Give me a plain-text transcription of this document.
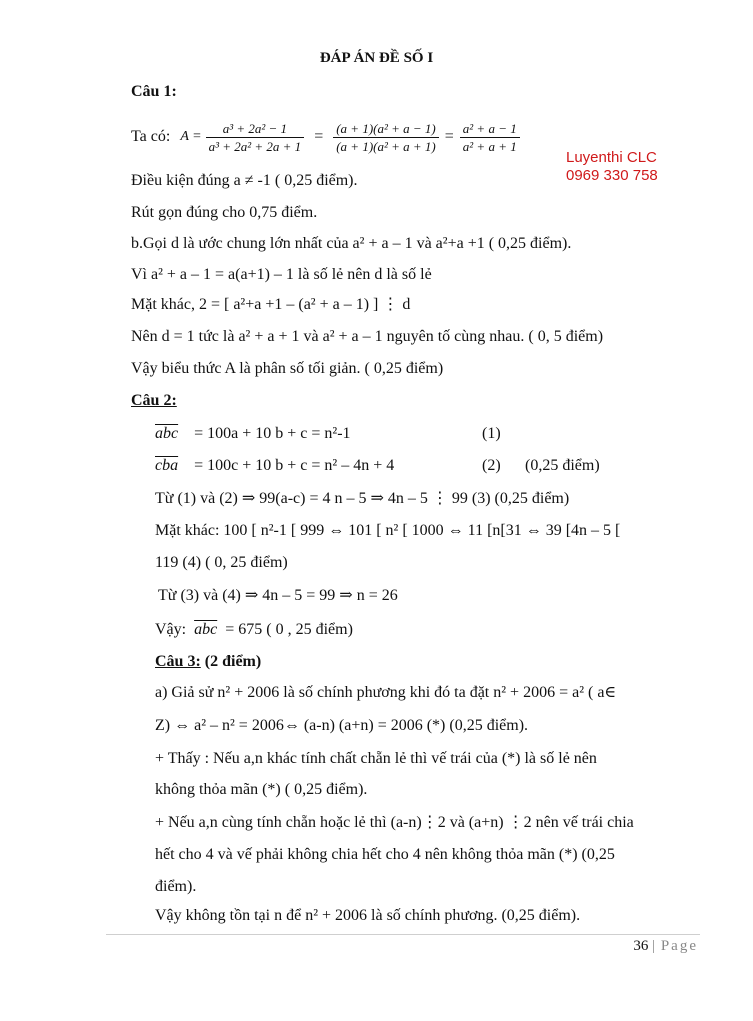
ĐÁP ÁN ĐỀ SỐ I
Câu 1:
Ta có: $A = \frac{\text{a³ + 2a² − 1}}{\text{a³ + 2a² + 2a + 1}} = \frac{\text{(a + 1)(a² + a − 1)}}{\text{(a + 1)(a² + a + 1)}} = \frac{\text{a² + a − 1}}{\text{a² + a + 1}}$
Luyenthi CLC
0969 330 758
Điều kiện đúng a ≠ -1 ( 0,25 điểm).
Rút gọn đúng cho 0,75 điểm.
b.Gọi d là ước chung lớn nhất của a² + a – 1 và a²+a +1 ( 0,25 điểm).
Vì a² + a – 1 = a(a+1) – 1 là số lẻ nên d là số lẻ
Mặt khác, 2 = [ a²+a +1 – (a² + a – 1) ] ⋮ d
Nên d = 1 tức là a² + a + 1 và a² + a – 1 nguyên tố cùng nhau. ( 0, 5 điểm)
Vậy biểu thức A là phân số tối giản. ( 0,25 điểm)
Câu 2:
$\overline{abc} = 100a + 10$ b + c = n²-1	(1)
$\overline{cba} = 100c + 10$ b + c = n² – 4n + 4	(2) (0,25 điểm)
Từ (1) và (2) ⇒ 99(a-c) = 4 n – 5 ⇒ 4n – 5 ⋮ 99 (3) (0,25 điểm)
Mặt khác: 100 [ n²-1 [ 999 ⇔ 101 [ n² [ 1000 ⇔ 11 [n[31 ⇔ 39 [4n – 5 [
119 (4) ( 0, 25 điểm)
Từ (3) và (4) ⇒ 4n – 5 = 99 ⇒ n = 26
Vậy: $\overline{abc} = 675$ ( 0 , 25 điểm)
Câu 3: (2 điểm)
a) Giả sử n² + 2006 là số chính phương khi đó ta đặt n² + 2006 = a² ( a∈
Z) ⇔ a² – n² = 2006⇔ (a-n) (a+n) = 2006 (*) (0,25 điểm).
+ Thấy : Nếu a,n khác tính chất chẵn lẻ thì vế trái của (*) là số lẻ nên
không thỏa mãn (*) ( 0,25 điểm).
+ Nếu a,n cùng tính chẵn hoặc lẻ thì (a-n)⋮2 và (a+n) ⋮2 nên vế trái chia
hết cho 4 và vế phải không chia hết cho 4 nên không thỏa mãn (*) (0,25
điểm).
Vậy không tồn tại n để n² + 2006 là số chính phương. (0,25 điểm).
36 | Page
